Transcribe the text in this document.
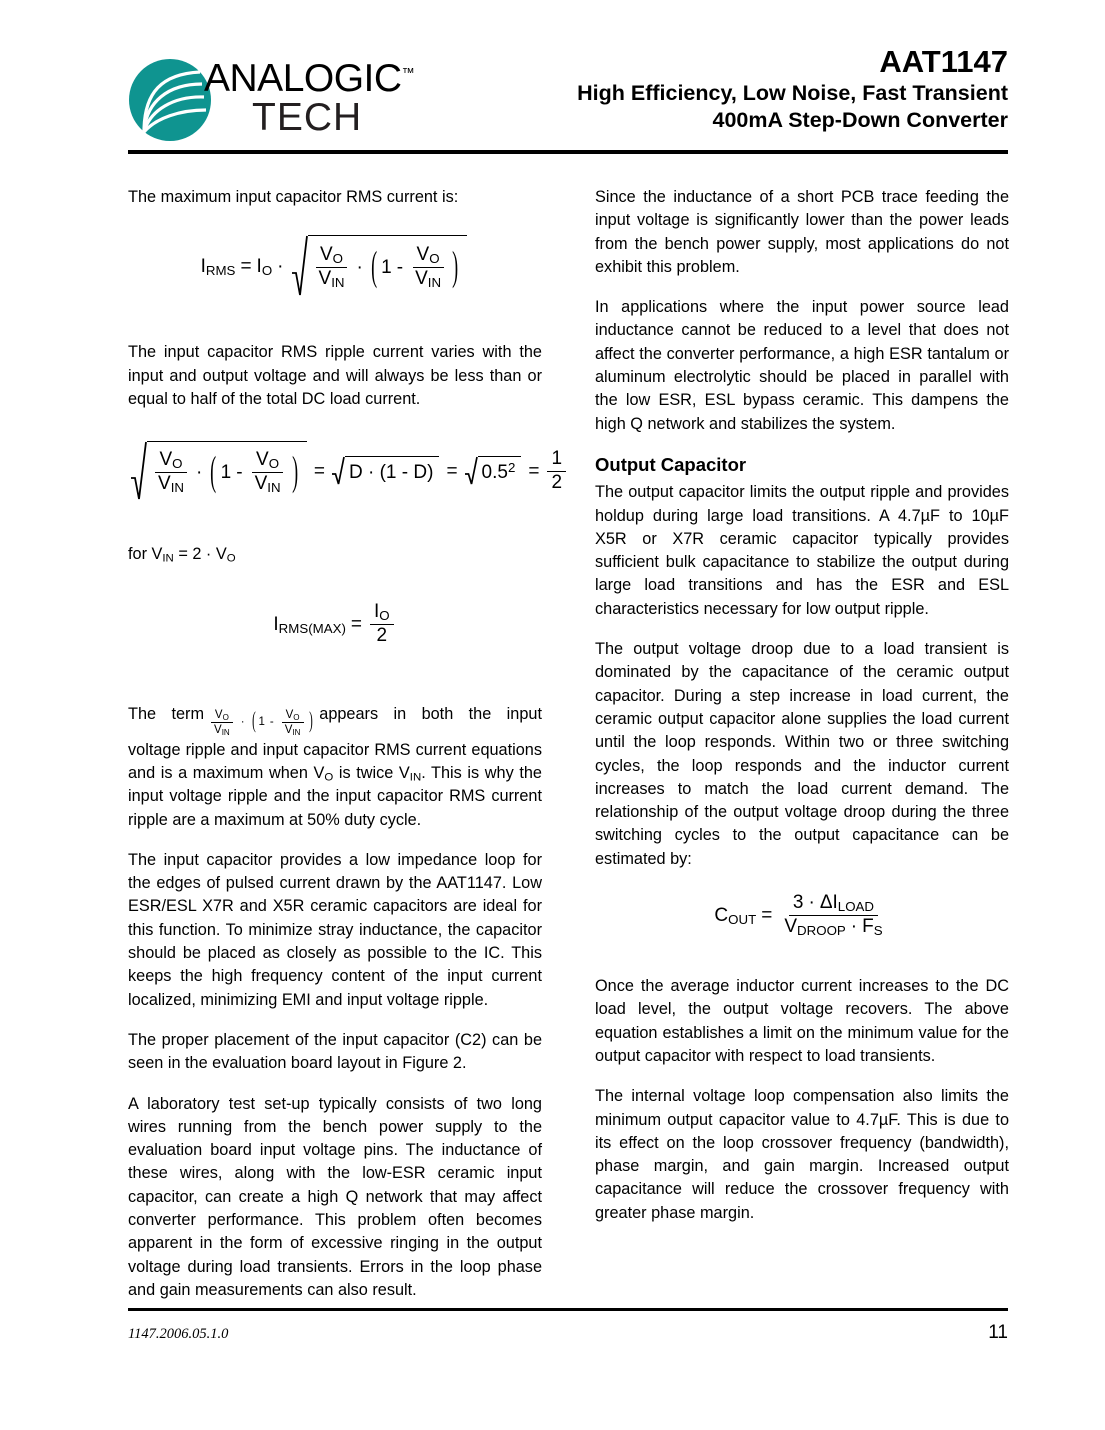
ANALOGIC™
TECH
AAT1147
High Efficiency, Low Noise, Fast Transient
400mA Step-Down Converter

The maximum input capacitor RMS current is:

$I_{RMS} = I_O \cdot \frac{V_O}{V_{IN}}$ · ( $1 - \frac{V_O}{V_{IN}}$ )

The input capacitor RMS ripple current varies with the input and output voltage and will always be less than or equal to half of the total DC load current.

$\frac{V_O}{V_{IN}}$ · ( $1 - \frac{V_O}{V_{IN}}$ ) = $D \cdot (1 - D) = 0.5^2 = \frac{1}{2}$

for $V_{IN} = 2 \cdot V_O$

$I_{RMS(MAX)} = \frac{I_O}{2}$

The term $\frac{V_O}{V_{IN}}$ · ( $1 - \frac{V_O}{V_{IN}}$ ) appears in both the input voltage ripple and input capacitor RMS current equations and is a maximum when $V_O$ is twice $V_{IN}$. This is why the input voltage ripple and the input capacitor RMS current ripple are a maximum at 50% duty cycle.

The input capacitor provides a low impedance loop for the edges of pulsed current drawn by the AAT1147. Low ESR/ESL X7R and X5R ceramic capacitors are ideal for this function. To minimize stray inductance, the capacitor should be placed as closely as possible to the IC. This keeps the high frequency content of the input current localized, minimizing EMI and input voltage ripple.

The proper placement of the input capacitor (C2) can be seen in the evaluation board layout in Figure 2.

A laboratory test set-up typically consists of two long wires running from the bench power supply to the evaluation board input voltage pins. The inductance of these wires, along with the low-ESR ceramic input capacitor, can create a high Q network that may affect converter performance. This problem often becomes apparent in the form of excessive ringing in the output voltage during load transients. Errors in the loop phase and gain measurements can also result.

Since the inductance of a short PCB trace feeding the input voltage is significantly lower than the power leads from the bench power supply, most applications do not exhibit this problem.

In applications where the input power source lead inductance cannot be reduced to a level that does not affect the converter performance, a high ESR tantalum or aluminum electrolytic should be placed in parallel with the low ESR, ESL bypass ceramic. This dampens the high Q network and stabilizes the system.

Output Capacitor

The output capacitor limits the output ripple and provides holdup during large load transitions. A 4.7µF to 10µF X5R or X7R ceramic capacitor typically provides sufficient bulk capacitance to stabilize the output during large load transitions and has the ESR and ESL characteristics necessary for low output ripple.

The output voltage droop due to a load transient is dominated by the capacitance of the ceramic output capacitor. During a step increase in load current, the ceramic output capacitor alone supplies the load current until the loop responds. Within two or three switching cycles, the loop responds and the inductor current increases to match the load current demand. The relationship of the output voltage droop during the three switching cycles to the output capacitance can be estimated by:

$C_{OUT} = \frac{3 \cdot \Delta I_{LOAD}}{V_{DROOP} \cdot F_S}$

Once the average inductor current increases to the DC load level, the output voltage recovers. The above equation establishes a limit on the minimum value for the output capacitor with respect to load transients.

The internal voltage loop compensation also limits the minimum output capacitor value to 4.7µF. This is due to its effect on the loop crossover frequency (bandwidth), phase margin, and gain margin. Increased output capacitance will reduce the crossover frequency with greater phase margin.

1147.2006.05.1.0	11
